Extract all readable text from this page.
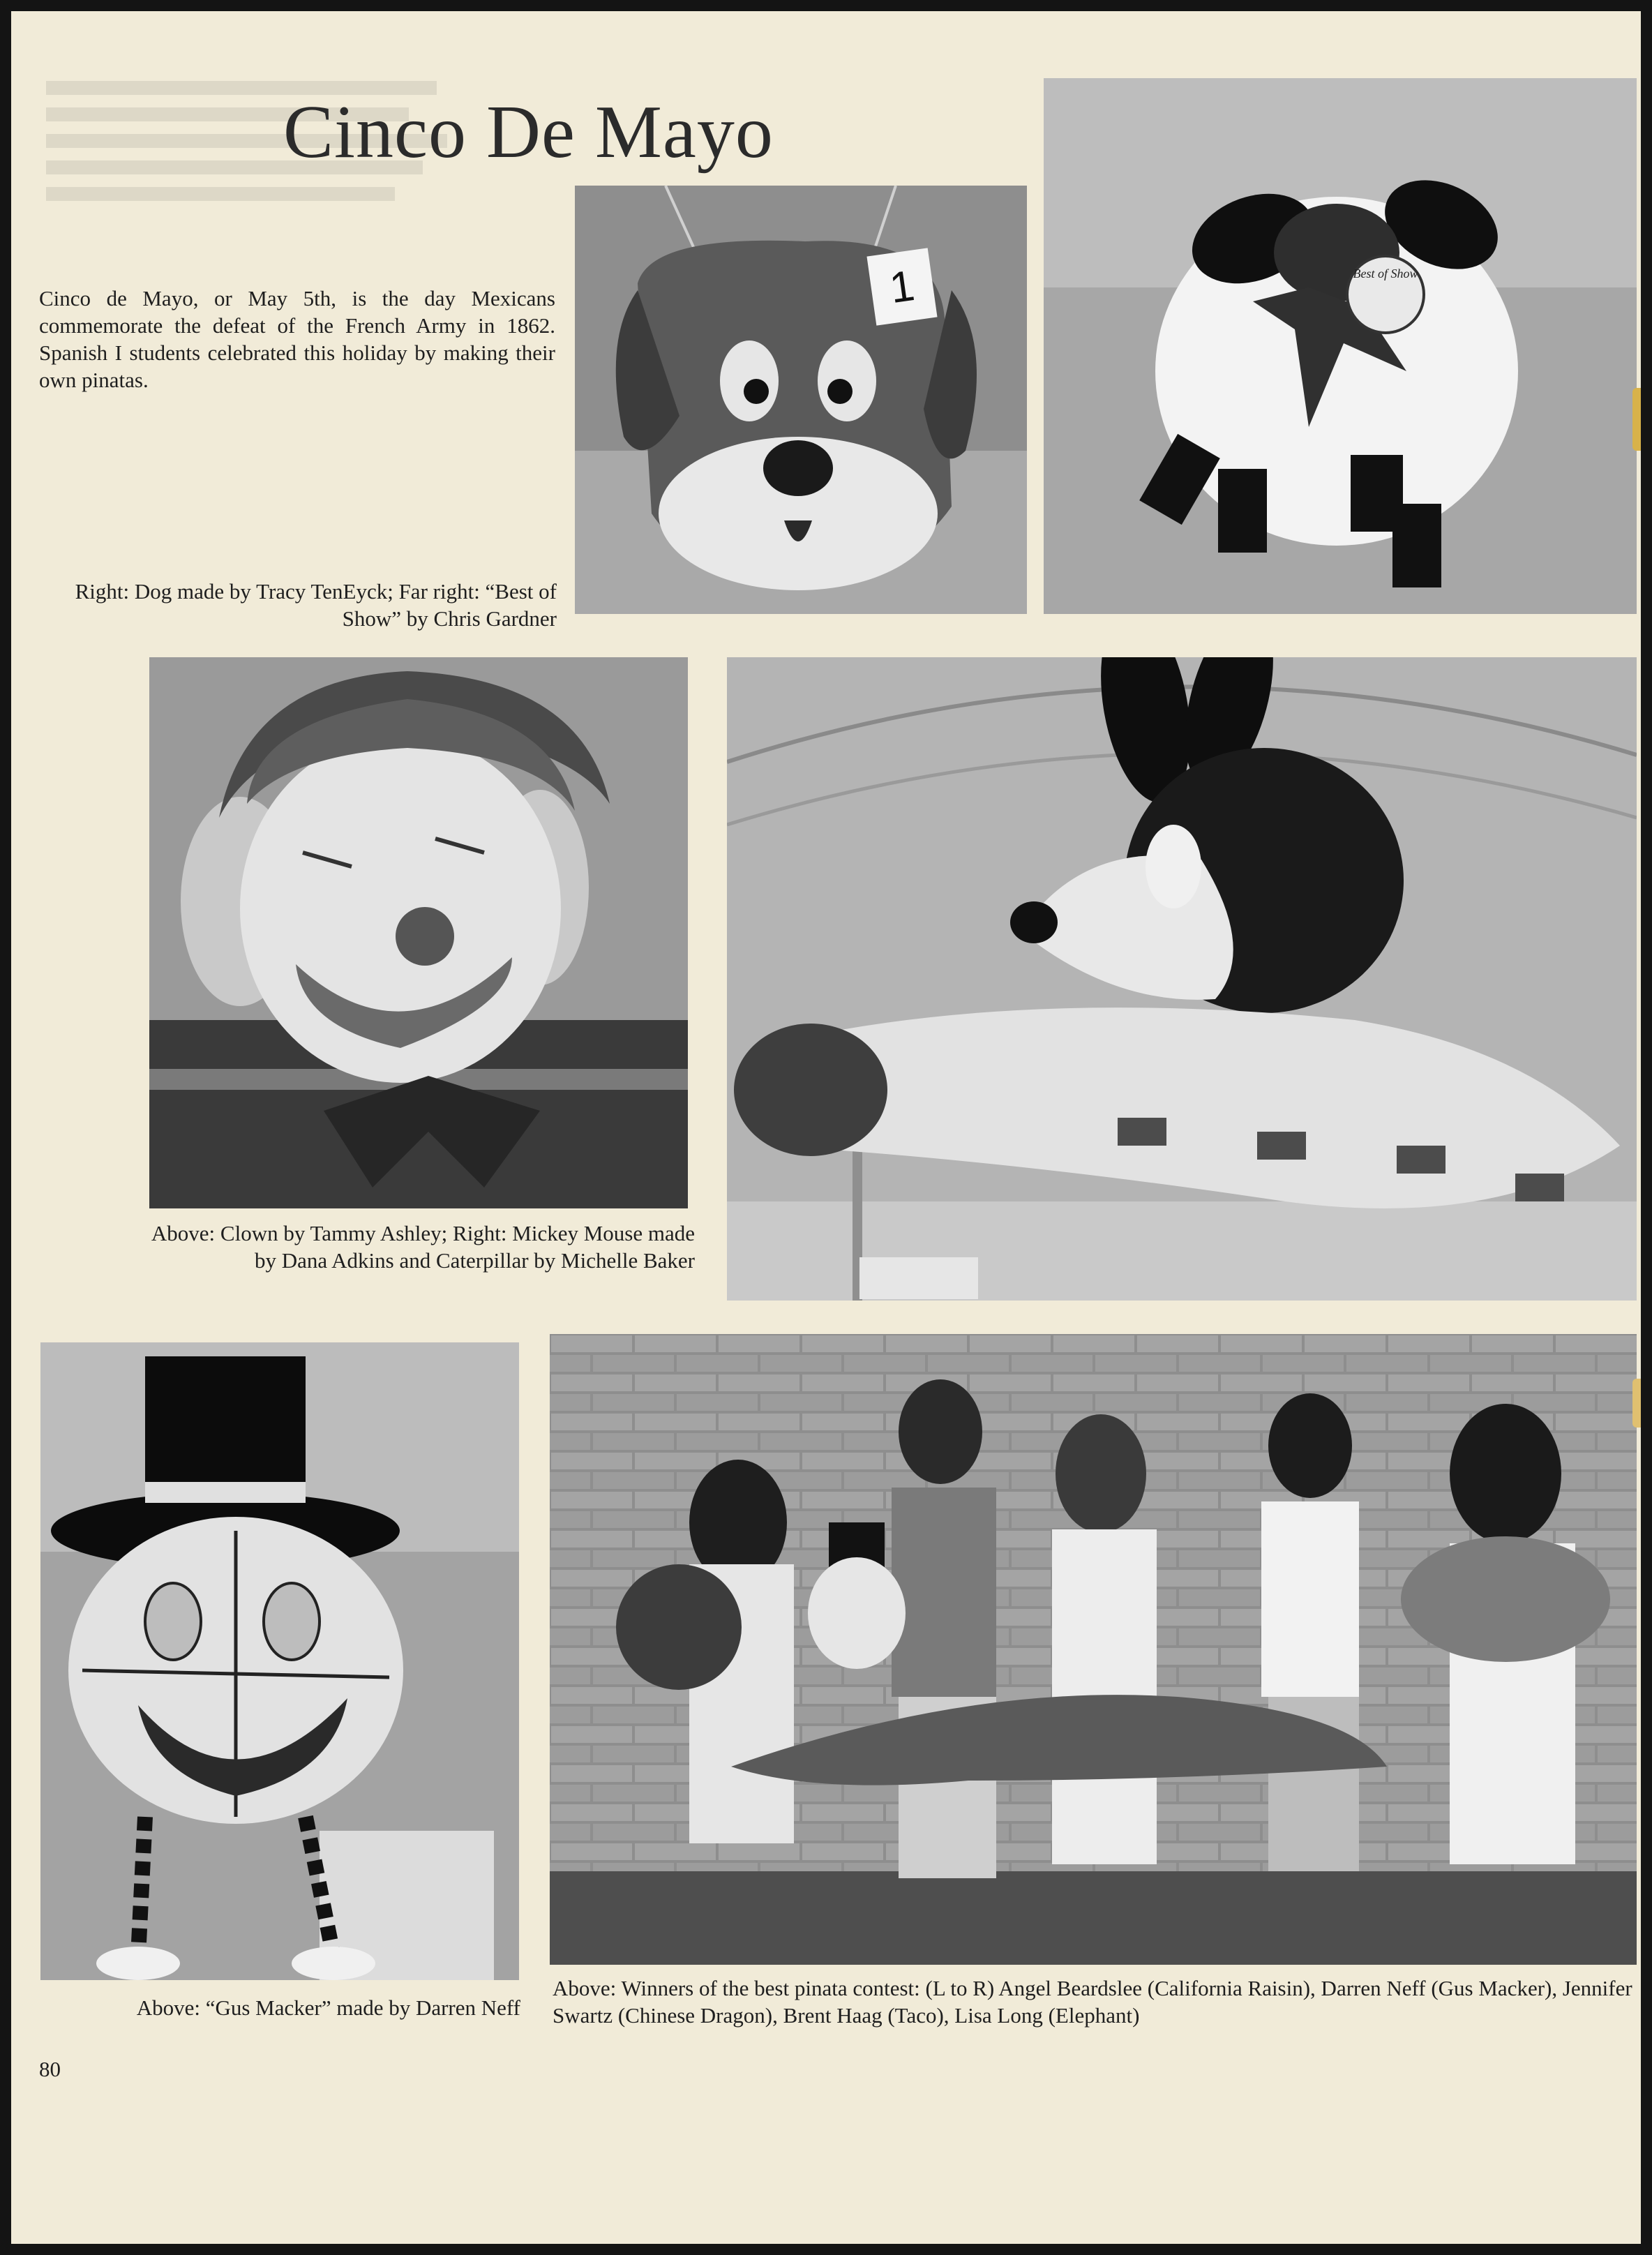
Cinco De Mayo

Cinco de Mayo, or May 5th, is the day Mexicans commemorate the defeat of the French Army in 1862. Spanish I students celebrated this holiday by making their own pinatas.

1	Best of Show

Right: Dog made by Tracy TenEyck; Far right: “Best of Show” by Chris Gardner

Above: Clown by Tammy Ashley; Right: Mickey Mouse made by Dana Adkins and Caterpillar by Michelle Baker

Above: “Gus Macker” made by Darren Neff

Above: Winners of the best pinata contest: (L to R) Angel Beardslee (California Raisin), Darren Neff (Gus Macker), Jennifer Swartz (Chinese Dragon), Brent Haag (Taco), Lisa Long (Elephant)

80
